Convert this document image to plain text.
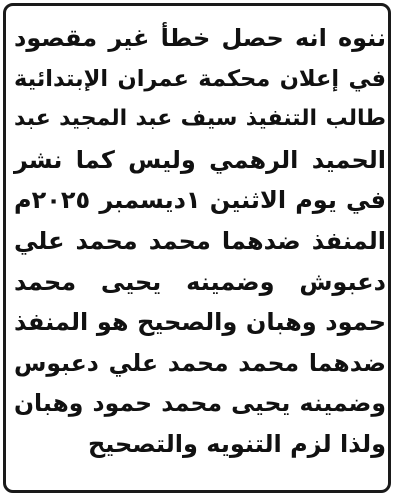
ننوه انه حصل خطأ غير مقصود
في إعلان محكمة عمران الإبتدائية
طالب التنفيذ سيف عبد المجيد عبد
الحميد الرهمي وليس كما نشر
في يوم الاثنين ١ديسمبر ٢٠٢٥م
المنفذ ضدهما محمد محمد علي
دعبوش وضمينه يحيى محمد
حمود وهبان والصحيح هو المنفذ
ضدهما محمد محمد علي دعبوس
وضمينه يحيى محمد حمود وهبان
ولذا لزم التنويه والتصحيح
